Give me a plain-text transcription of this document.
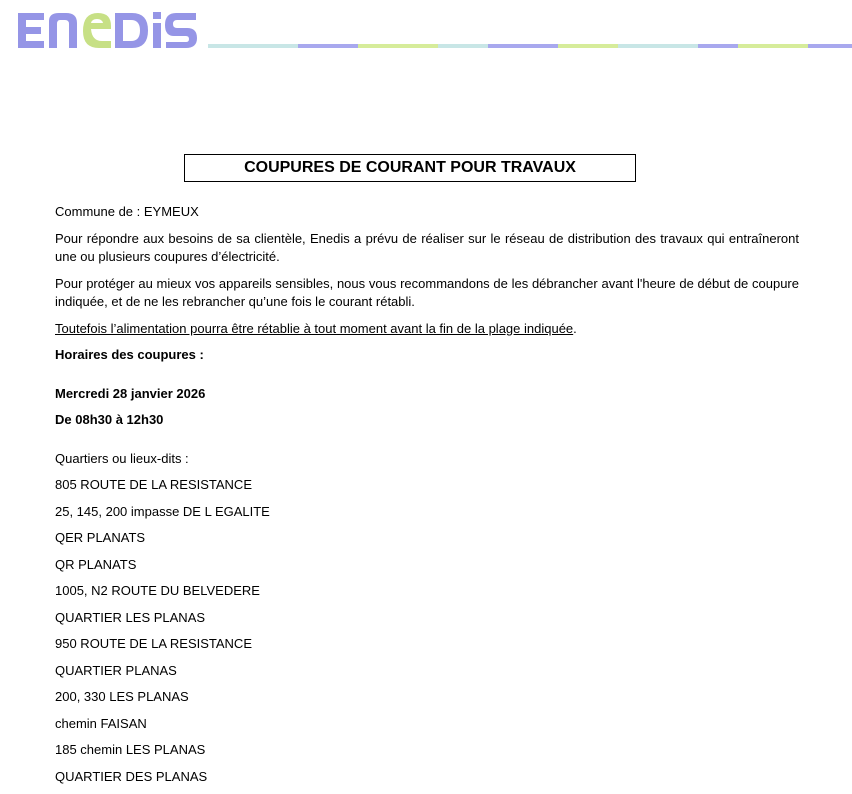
COUPURES DE COURANT POUR TRAVAUX

Commune de : EYMEUX

Pour répondre aux besoins de sa clientèle, Enedis a prévu de réaliser sur le réseau de distribution des travaux qui entraîneront une ou plusieurs coupures d’électricité.

Pour protéger au mieux vos appareils sensibles, nous vous recommandons de les débrancher avant l'heure de début de coupure indiquée, et de ne les rebrancher qu’une fois le courant rétabli.

Toutefois l’alimentation pourra être rétablie à tout moment avant la fin de la plage indiquée.

Horaires des coupures :

Mercredi 28 janvier 2026

De 08h30 à 12h30

Quartiers ou lieux-dits :

805 ROUTE DE LA RESISTANCE

25, 145, 200 impasse DE L EGALITE

QER PLANATS

QR PLANATS

1005, N2 ROUTE DU BELVEDERE

QUARTIER LES PLANAS

950 ROUTE DE LA RESISTANCE

QUARTIER PLANAS

200, 330 LES PLANAS

chemin FAISAN

185 chemin LES PLANAS

QUARTIER DES PLANAS
